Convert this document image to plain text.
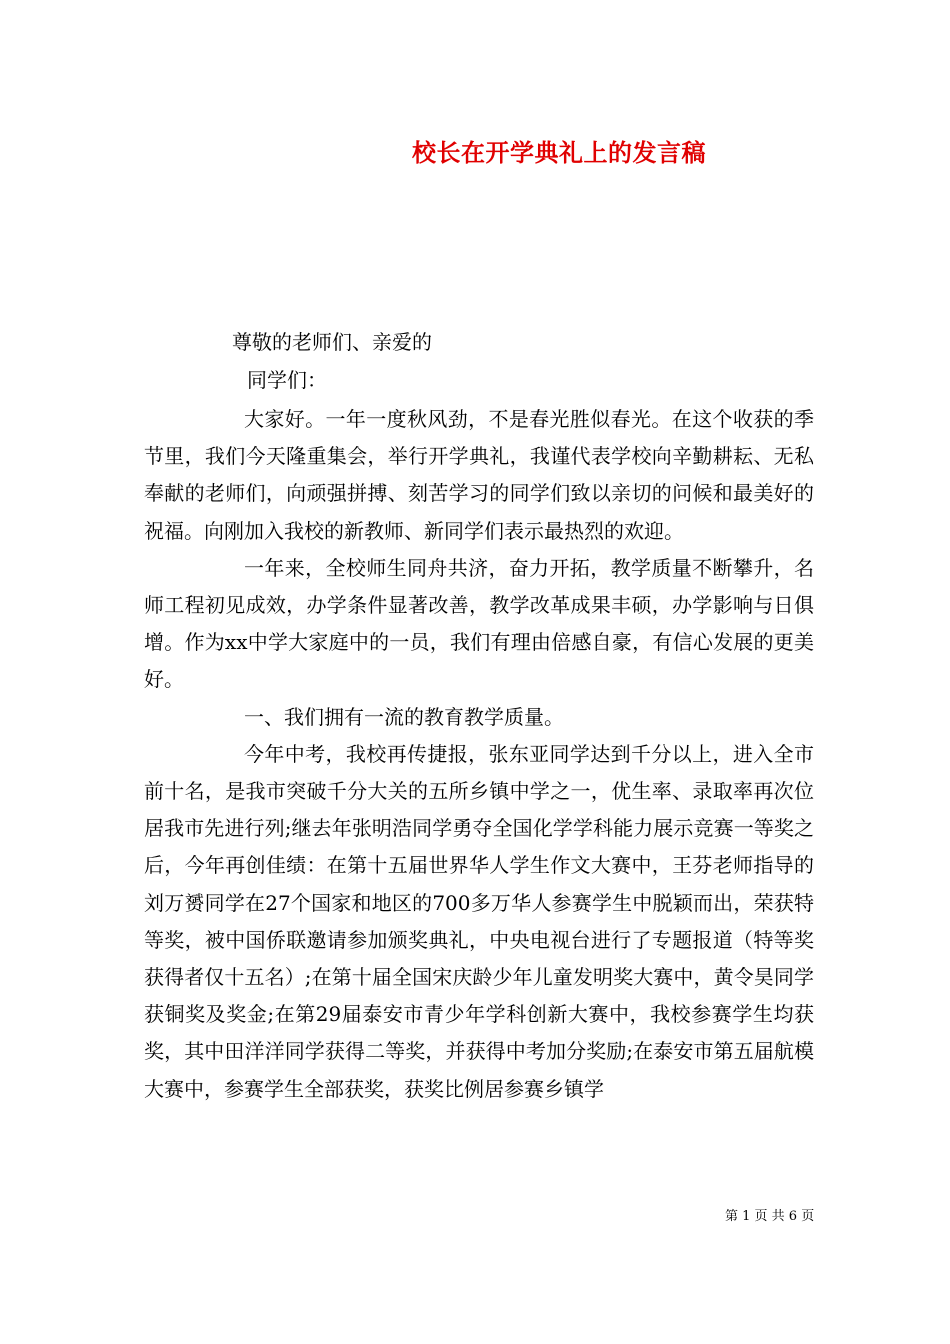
校长在开学典礼上的发言稿
尊敬的老师们、亲爱的
同学们：

大家好。一年一度秋风劲，不是春光胜似春光。在这个收获的季节里，我们今天隆重集会，举行开学典礼，我谨代表学校向辛勤耕耘、无私奉献的老师们，向顽强拼搏、刻苦学习的同学们致以亲切的问候和最美好的祝福。向刚加入我校的新教师、新同学们表示最热烈的欢迎。

一年来，全校师生同舟共济，奋力开拓，教学质量不断攀升，名师工程初见成效，办学条件显著改善，教学改革成果丰硕，办学影响与日俱增。作为xx中学大家庭中的一员，我们有理由倍感自豪，有信心发展的更美好。

一、我们拥有一流的教育教学质量。

今年中考，我校再传捷报，张东亚同学达到千分以上，进入全市前十名，是我市突破千分大关的五所乡镇中学之一，优生率、录取率再次位居我市先进行列;继去年张明浩同学勇夺全国化学学科能力展示竞赛一等奖之后，今年再创佳绩：在第十五届世界华人学生作文大赛中，王芬老师指导的刘万赟同学在27个国家和地区的700多万华人参赛学生中脱颖而出，荣获特等奖，被中国侨联邀请参加颁奖典礼，中央电视台进行了专题报道（特等奖获得者仅十五名）;在第十届全国宋庆龄少年儿童发明奖大赛中，黄令昊同学获铜奖及奖金;在第29届泰安市青少年学科创新大赛中，我校参赛学生均获奖，其中田洋洋同学获得二等奖，并获得中考加分奖励;在泰安市第五届航模大赛中，参赛学生全部获奖，获奖比例居参赛乡镇学

第 1 页 共 6 页
